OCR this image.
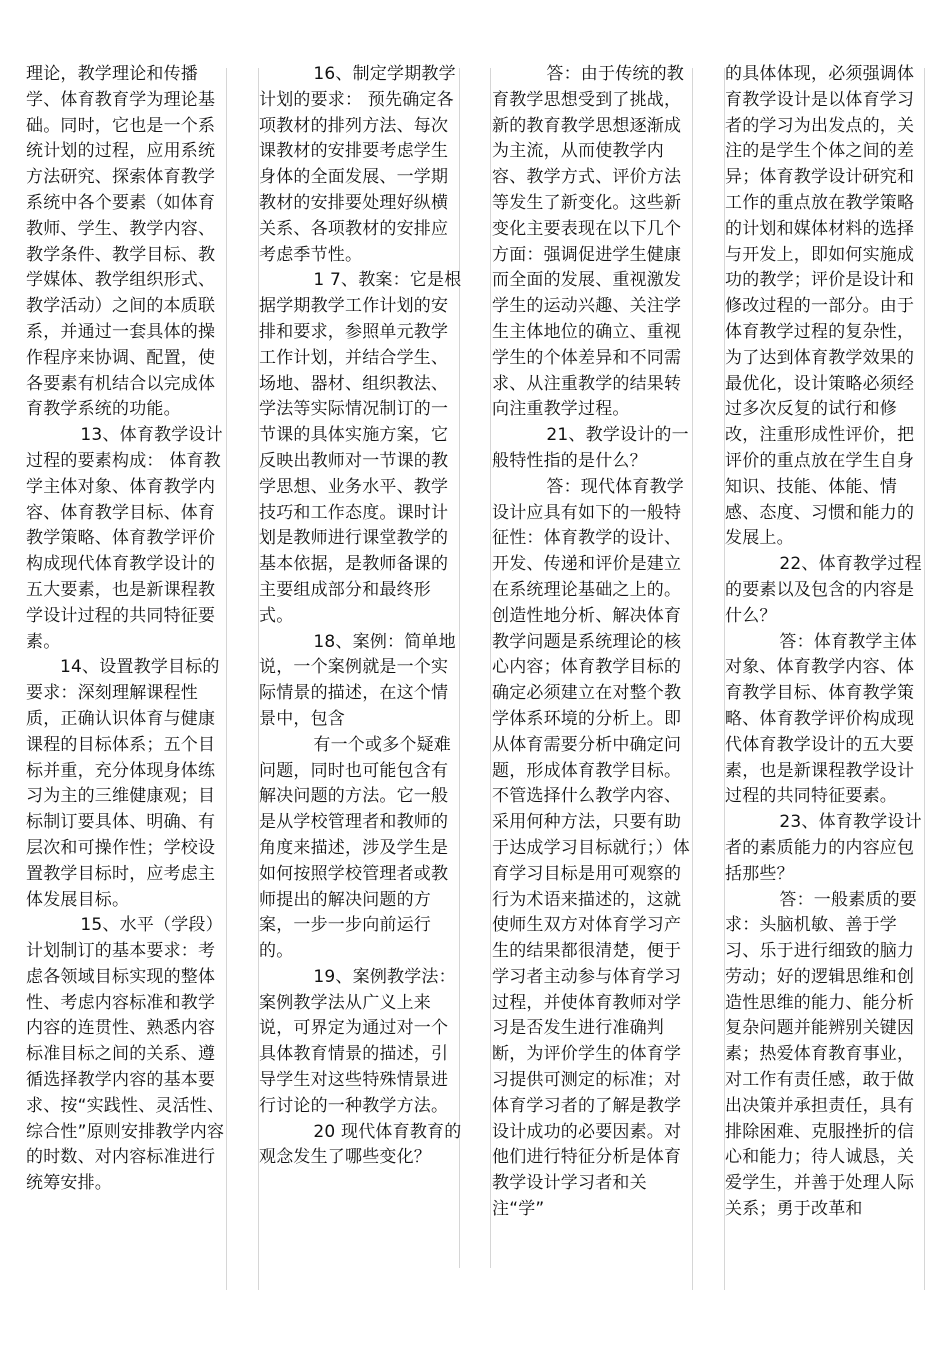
理论，教学理论和传播学、体育教育学为理论基础。同时，它也是一个系统计划的过程，应用系统方法研究、探索体育教学系统中各个要素（如体育教师、学生、教学内容、教学条件、教学目标、教学媒体、教学组织形式、教学活动）之间的本质联系，并通过一套具体的操作程序来协调、配置，使各要素有机结合以完成体育教学系统的功能。

13、体育教学设计过程的要素构成： 体育教学主体对象、体育教学内容、体育教学目标、体育教学策略、体育教学评价构成现代体育教学设计的五大要素，也是新课程教学设计过程的共同特征要素。

14、设置教学目标的要求：深刻理解课程性质，正确认识体育与健康课程的目标体系；五个目标并重，充分体现身体练习为主的三维健康观；目标制订要具体、明确、有层次和可操作性；学校设置教学目标时，应考虑主体发展目标。

15、水平（学段）计划制订的基本要求：考虑各领域目标实现的整体性、考虑内容标准和教学内容的连贯性、熟悉内容标准目标之间的关系、遵循选择教学内容的基本要求、按“实践性、灵活性、综合性”原则安排教学内容的时数、对内容标准进行统筹安排。

16、制定学期教学计划的要求： 预先确定各项教材的排列方法、每次课教材的安排要考虑学生身体的全面发展、一学期教材的安排要处理好纵横关系、各项教材的安排应考虑季节性。

1 7、教案：它是根据学期教学工作计划的安排和要求，参照单元教学工作计划，并结合学生、场地、器材、组织教法、学法等实际情况制订的一节课的具体实施方案，它反映出教师对一节课的教学思想、业务水平、教学技巧和工作态度。课时计划是教师进行课堂教学的基本依据，是教师备课的主要组成部分和最终形式。

18、案例：简单地说，一个案例就是一个实际情景的描述，在这个情景中，包含

有一个或多个疑难问题，同时也可能包含有解决问题的方法。它一般是从学校管理者和教师的角度来描述，涉及学生是如何按照学校管理者或教师提出的解决问题的方案，一步一步向前运行的。

19、案例教学法：案例教学法从广义上来说，可界定为通过对一个具体教育情景的描述，引导学生对这些特殊情景进行讨论的一种教学方法。

20 现代体育教育的观念发生了哪些变化？

答：由于传统的教育教学思想受到了挑战，新的教育教学思想逐渐成为主流，从而使教学内容、教学方式、评价方法等发生了新变化。这些新变化主要表现在以下几个方面：强调促进学生健康而全面的发展、重视激发学生的运动兴趣、关注学生主体地位的确立、重视学生的个体差异和不同需求、从注重教学的结果转向注重教学过程。

21、教学设计的一般特性指的是什么？

答：现代体育教学设计应具有如下的一般特征性：体育教学的设计、开发、传递和评价是建立在系统理论基础之上的。创造性地分析、解决体育教学问题是系统理论的核心内容；体育教学目标的确定必须建立在对整个教学体系环境的分析上。即从体育需要分析中确定问题，形成体育教学目标。不管选择什么教学内容、采用何种方法，只要有助于达成学习目标就行；）体育学习目标是用可观察的行为术语来描述的，这就使师生双方对体育学习产生的结果都很清楚，便于学习者主动参与体育学习过程，并使体育教师对学习是否发生进行准确判断，为评价学生的体育学习提供可测定的标准；对体育学习者的了解是教学设计成功的必要因素。对他们进行特征分析是体育教学设计学习者和关注“学”

的具体体现，必须强调体育教学设计是以体育学习者的学习为出发点的，关注的是学生个体之间的差异；体育教学设计研究和工作的重点放在教学策略的计划和媒体材料的选择与开发上，即如何实施成功的教学；评价是设计和修改过程的一部分。由于体育教学过程的复杂性，为了达到体育教学效果的最优化，设计策略必须经过多次反复的试行和修改，注重形成性评价，把评价的重点放在学生自身知识、技能、体能、情感、态度、习惯和能力的发展上。

22、体育教学过程的要素以及包含的内容是什么？

答：体育教学主体对象、体育教学内容、体育教学目标、体育教学策略、体育教学评价构成现代体育教学设计的五大要素，也是新课程教学设计过程的共同特征要素。

23、体育教学设计者的素质能力的内容应包括那些？

答：一般素质的要求：头脑机敏、善于学习、乐于进行细致的脑力劳动；好的逻辑思维和创造性思维的能力、能分析复杂问题并能辨别关键因素；热爱体育教育事业，对工作有责任感，敢于做出决策并承担责任，具有排除困难、克服挫折的信心和能力；待人诚恳，关爱学生，并善于处理人际关系；勇于改革和
